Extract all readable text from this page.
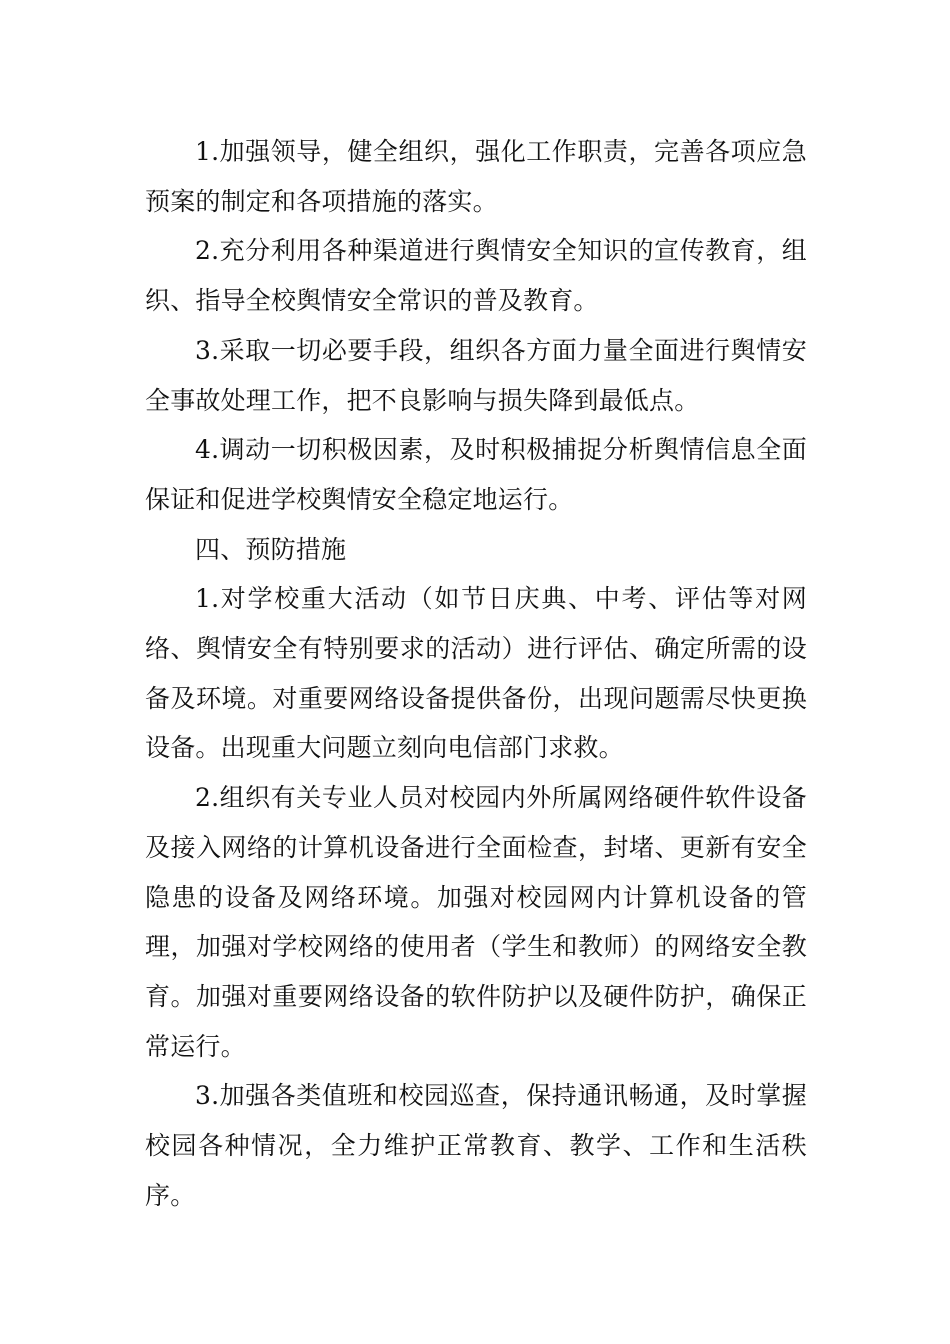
1.加强领导，健全组织，强化工作职责，完善各项应急预案的制定和各项措施的落实。

2.充分利用各种渠道进行舆情安全知识的宣传教育，组织、指导全校舆情安全常识的普及教育。

3.采取一切必要手段，组织各方面力量全面进行舆情安全事故处理工作，把不良影响与损失降到最低点。

4.调动一切积极因素，及时积极捕捉分析舆情信息全面保证和促进学校舆情安全稳定地运行。

四、预防措施

1.对学校重大活动（如节日庆典、中考、评估等对网络、舆情安全有特别要求的活动）进行评估、确定所需的设备及环境。对重要网络设备提供备份，出现问题需尽快更换设备。出现重大问题立刻向电信部门求救。

2.组织有关专业人员对校园内外所属网络硬件软件设备及接入网络的计算机设备进行全面检查，封堵、更新有安全隐患的设备及网络环境。加强对校园网内计算机设备的管理，加强对学校网络的使用者（学生和教师）的网络安全教育。加强对重要网络设备的软件防护以及硬件防护，确保正常运行。

3.加强各类值班和校园巡查，保持通讯畅通，及时掌握校园各种情况，全力维护正常教育、教学、工作和生活秩序。
